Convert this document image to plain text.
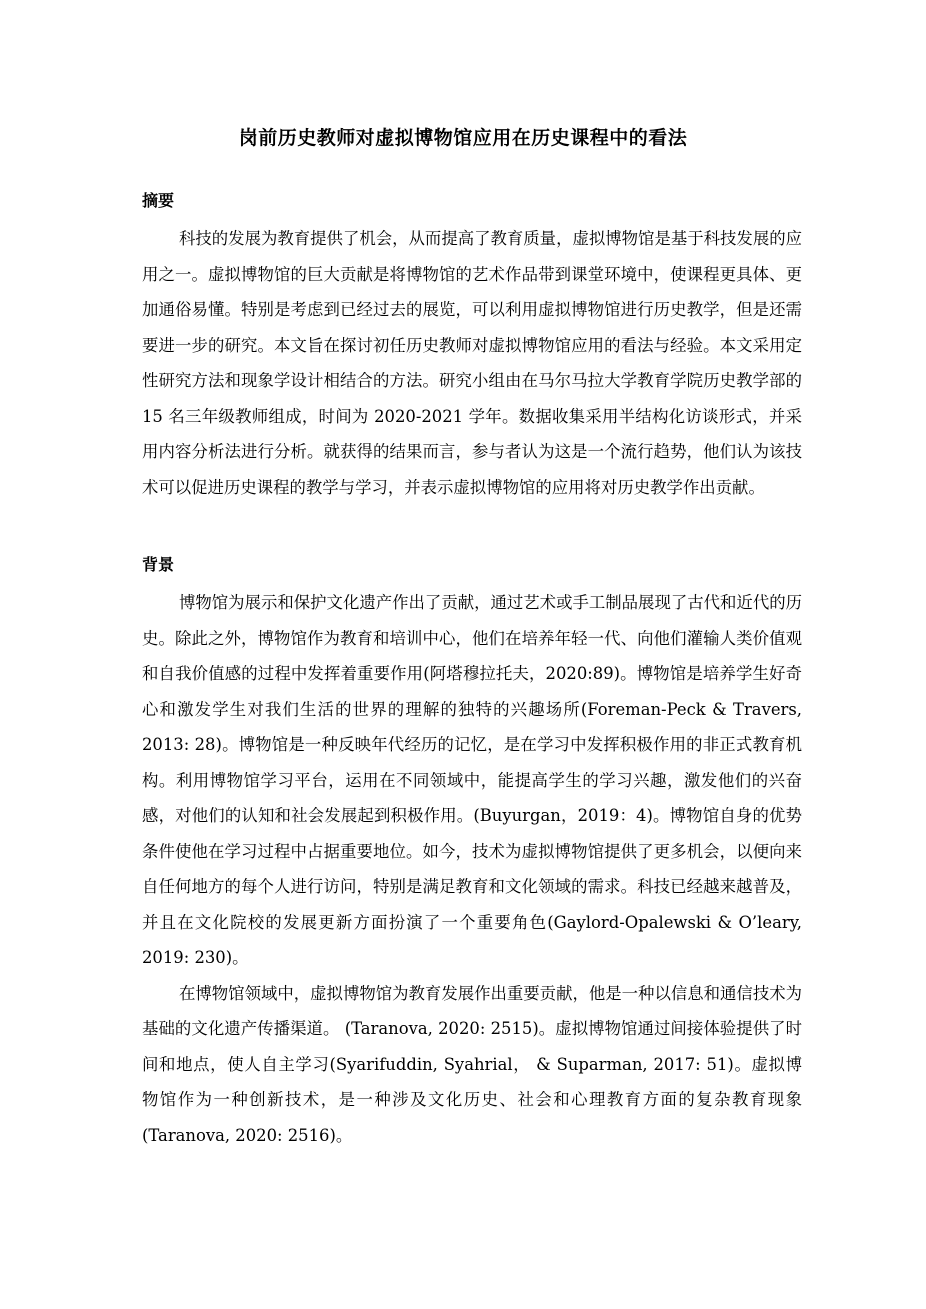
岗前历史教师对虚拟博物馆应用在历史课程中的看法
摘要

科技的发展为教育提供了机会，从而提高了教育质量，虚拟博物馆是基于科技发展的应用之一。虚拟博物馆的巨大贡献是将博物馆的艺术作品带到课堂环境中，使课程更具体、更加通俗易懂。特别是考虑到已经过去的展览，可以利用虚拟博物馆进行历史教学，但是还需要进一步的研究。本文旨在探讨初任历史教师对虚拟博物馆应用的看法与经验。本文采用定性研究方法和现象学设计相结合的方法。研究小组由在马尔马拉大学教育学院历史教学部的 15 名三年级教师组成，时间为 2020-2021 学年。数据收集采用半结构化访谈形式，并采用内容分析法进行分析。就获得的结果而言，参与者认为这是一个流行趋势，他们认为该技术可以促进历史课程的教学与学习，并表示虚拟博物馆的应用将对历史教学作出贡献。

背景

博物馆为展示和保护文化遗产作出了贡献，通过艺术或手工制品展现了古代和近代的历史。除此之外，博物馆作为教育和培训中心，他们在培养年轻一代、向他们灌输人类价值观和自我价值感的过程中发挥着重要作用(阿塔穆拉托夫，2020:89)。博物馆是培养学生好奇心和激发学生对我们生活的世界的理解的独特的兴趣场所(Foreman-Peck & Travers, 2013: 28)。博物馆是一种反映年代经历的记忆，是在学习中发挥积极作用的非正式教育机构。利用博物馆学习平台，运用在不同领域中，能提高学生的学习兴趣，激发他们的兴奋感，对他们的认知和社会发展起到积极作用。(Buyurgan，2019：4)。博物馆自身的优势条件使他在学习过程中占据重要地位。如今，技术为虚拟博物馆提供了更多机会，以便向来自任何地方的每个人进行访问，特别是满足教育和文化领域的需求。科技已经越来越普及，并且在文化院校的发展更新方面扮演了一个重要角色(Gaylord-Opalewski & O’leary, 2019: 230)。

在博物馆领域中，虚拟博物馆为教育发展作出重要贡献，他是一种以信息和通信技术为基础的文化遗产传播渠道。 (Taranova, 2020: 2515)。虚拟博物馆通过间接体验提供了时间和地点，使人自主学习(Syarifuddin, Syahrial， & Suparman, 2017: 51)。虚拟博物馆作为一种创新技术，是一种涉及文化历史、社会和心理教育方面的复杂教育现象(Taranova, 2020: 2516)。
